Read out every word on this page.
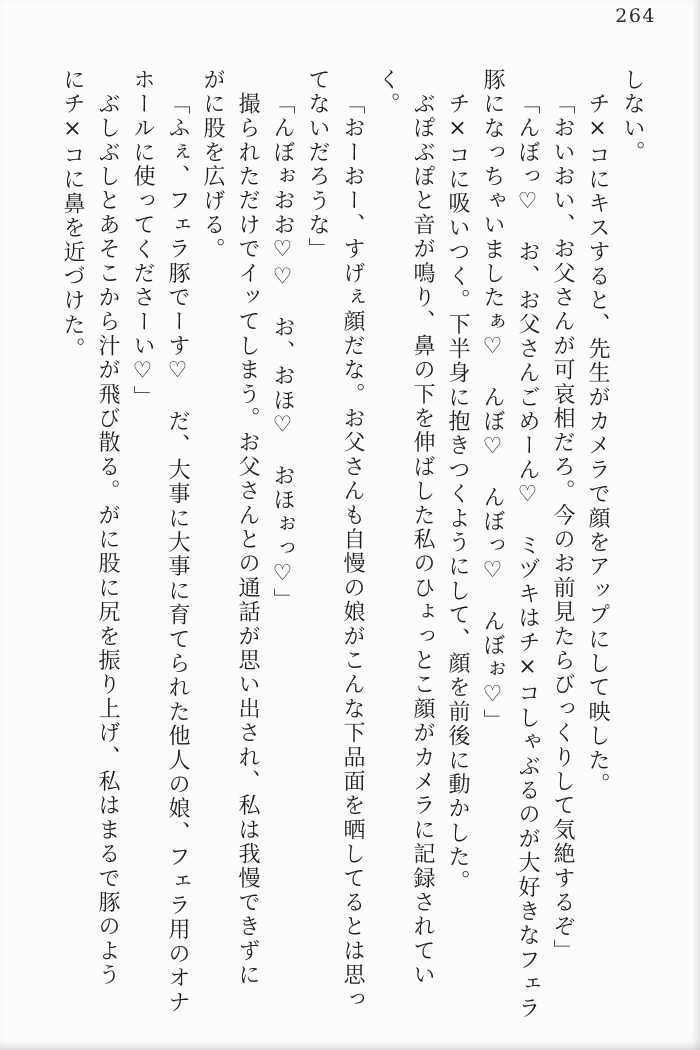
264
しない。
チ×コにキスすると、先生がカメラで顔をアップにして映した。
「おいおい、お父さんが可哀相だろ。今のお前見たらびっくりして気絶するぞ」
「んぼっ♡　お、お父さんごめーん♡　ミヅキはチ×コしゃぶるのが大好きなフェラ
豚になっちゃいましたぁ♡　んぼ♡　んぼっ♡　んぼぉ♡」
チ×コに吸いつく。下半身に抱きつくようにして、顔を前後に動かした。
ぶぽぶぽと音が鳴り、鼻の下を伸ばした私のひょっとこ顔がカメラに記録されてい
く。
「おーおー、すげぇ顔だな。お父さんも自慢の娘がこんな下品面を晒してるとは思っ
てないだろうな」
「んぼぉおお♡♡　お、おほ♡　おほぉっ♡」
撮られただけでイッてしまう。お父さんとの通話が思い出され、私は我慢できずに
がに股を広げる。
「ふぇ、フェラ豚でーす♡　だ、大事に大事に育てられた他人の娘、フェラ用のオナ
ホールに使ってくださーい♡」
ぶしぶしとあそこから汁が飛び散る。がに股に尻を振り上げ、私はまるで豚のよう
にチ×コに鼻を近づけた。
